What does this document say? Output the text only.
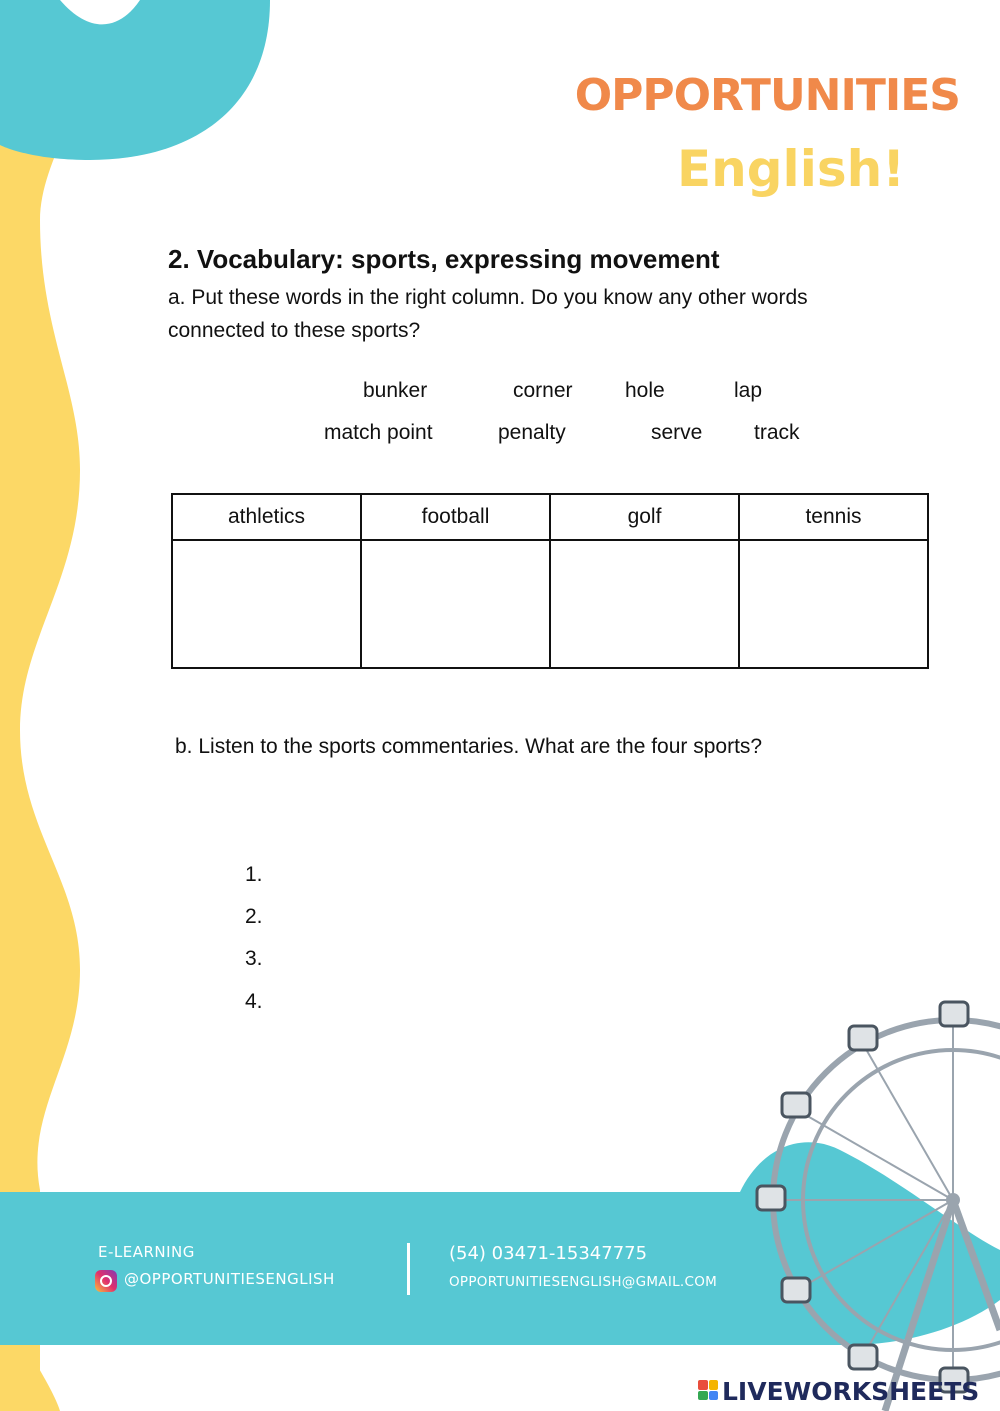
OPPORTUNITIES
English!
2. Vocabulary: sports, expressing movement
a. Put these words in the right column. Do you know any other words connected to these sports?
bunker	corner hole	lap
match point	penalty	serve track
athletics	football	golf	tennis

b. Listen to the sports commentaries. What are the four sports?
1.
2.
3.
4.
E-LEARNING
@OPPORTUNITIESENGLISH
(54) 03471-15347775
OPPORTUNITIESENGLISH@GMAIL.COM
LIVEWORKSHEETS
